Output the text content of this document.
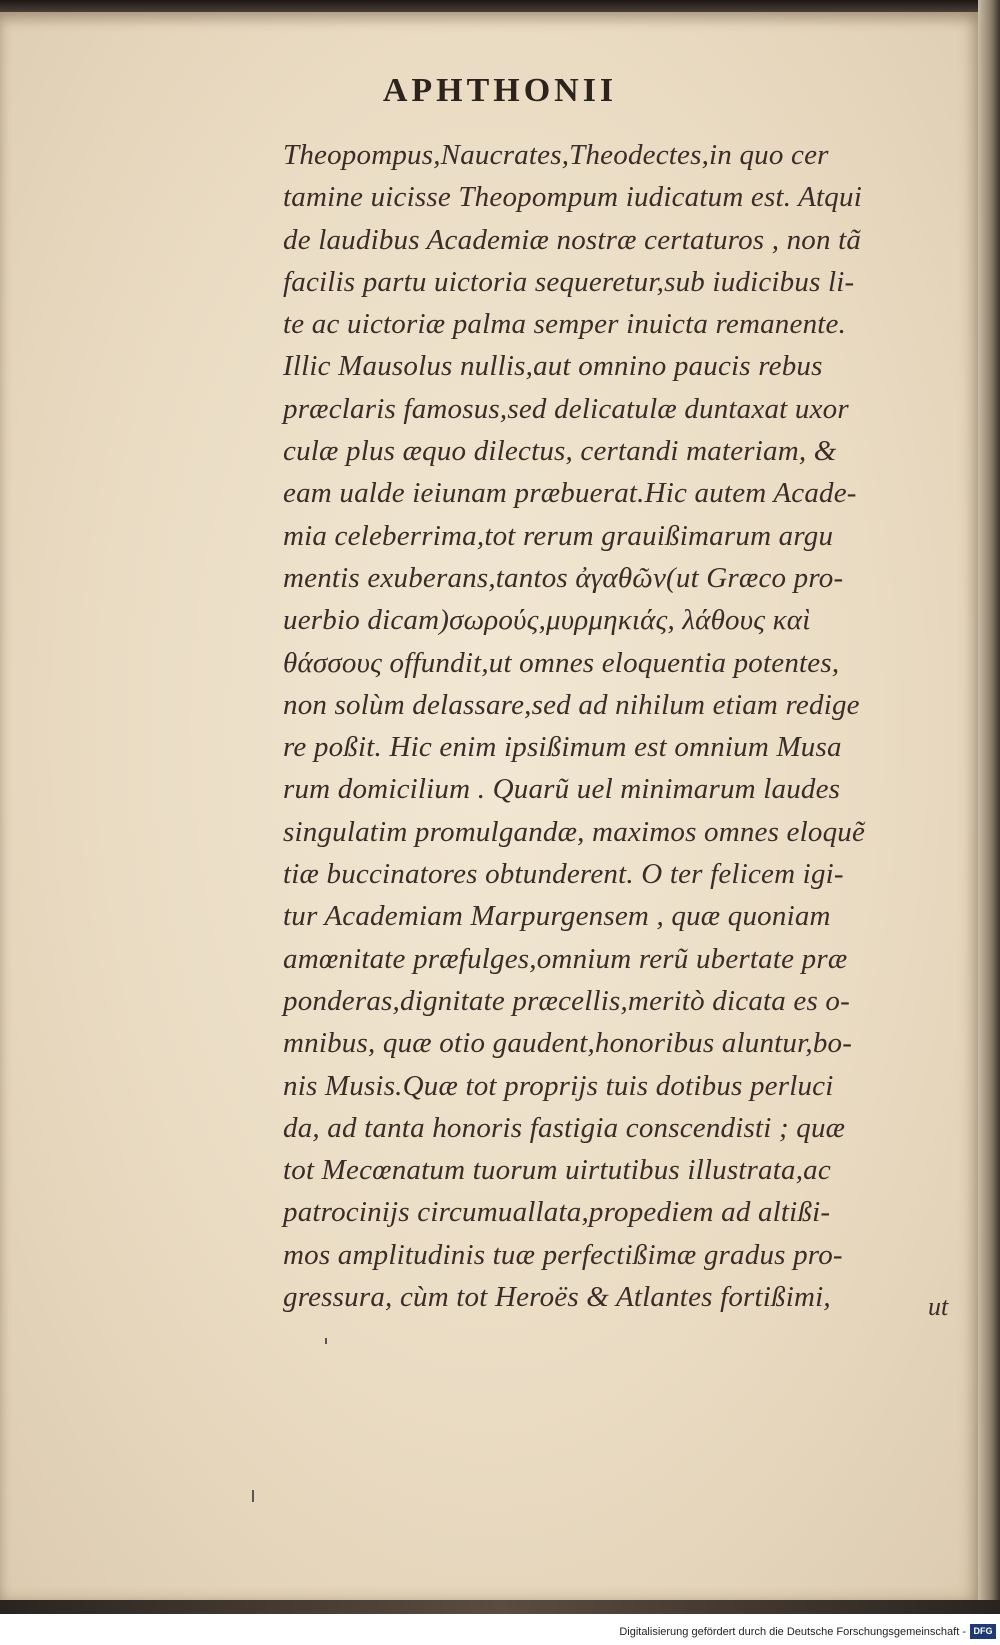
APHTHONII
Theopompus,Naucrates,Theodectes,in quo cer
tamine uicisse Theopompum iudicatum est. Atqui
de laudibus Academiæ nostræ certaturos , non tã
facilis partu uictoria sequeretur,sub iudicibus li-
te ac uictoriæ palma semper inuicta remanente.
Illic Mausolus nullis,aut omnino paucis rebus
præclaris famosus,sed delicatulæ duntaxat uxor
culæ plus æquo dilectus, certandi materiam, &
eam ualde ieiunam præbuerat.Hic autem Acade-
mia celeberrima,tot rerum grauißimarum argu
mentis exuberans,tantos ἀγαθῶν(ut Græco pro-
uerbio dicam)σωρούς,μυρμηκιάς, λάθους καὶ
θάσσους offundit,ut omnes eloquentia potentes,
non solùm delassare,sed ad nihilum etiam redige
re poßit. Hic enim ipsißimum est omnium Musa
rum domicilium . Quarũ uel minimarum laudes
singulatim promulgandæ, maximos omnes eloquẽ
tiæ buccinatores obtunderent. O ter felicem igi-
tur Academiam Marpurgensem , quæ quoniam
amœnitate præfulges,omnium rerũ ubertate præ
ponderas,dignitate præcellis,meritò dicata es o-
mnibus, quæ otio gaudent,honoribus aluntur,bo-
nis Musis.Quæ tot proprijs tuis dotibus perluci
da, ad tanta honoris fastigia conscendisti ; quæ
tot Mecœnatum tuorum uirtutibus illustrata,ac
patrocinijs circumuallata,propediem ad altißi-
mos amplitudinis tuæ perfectißimæ gradus pro-
gressura, cùm tot Heroës & Atlantes fortißimi,	ut
Digitalisierung gefördert durch die Deutsche Forschungsgemeinschaft - DFG
